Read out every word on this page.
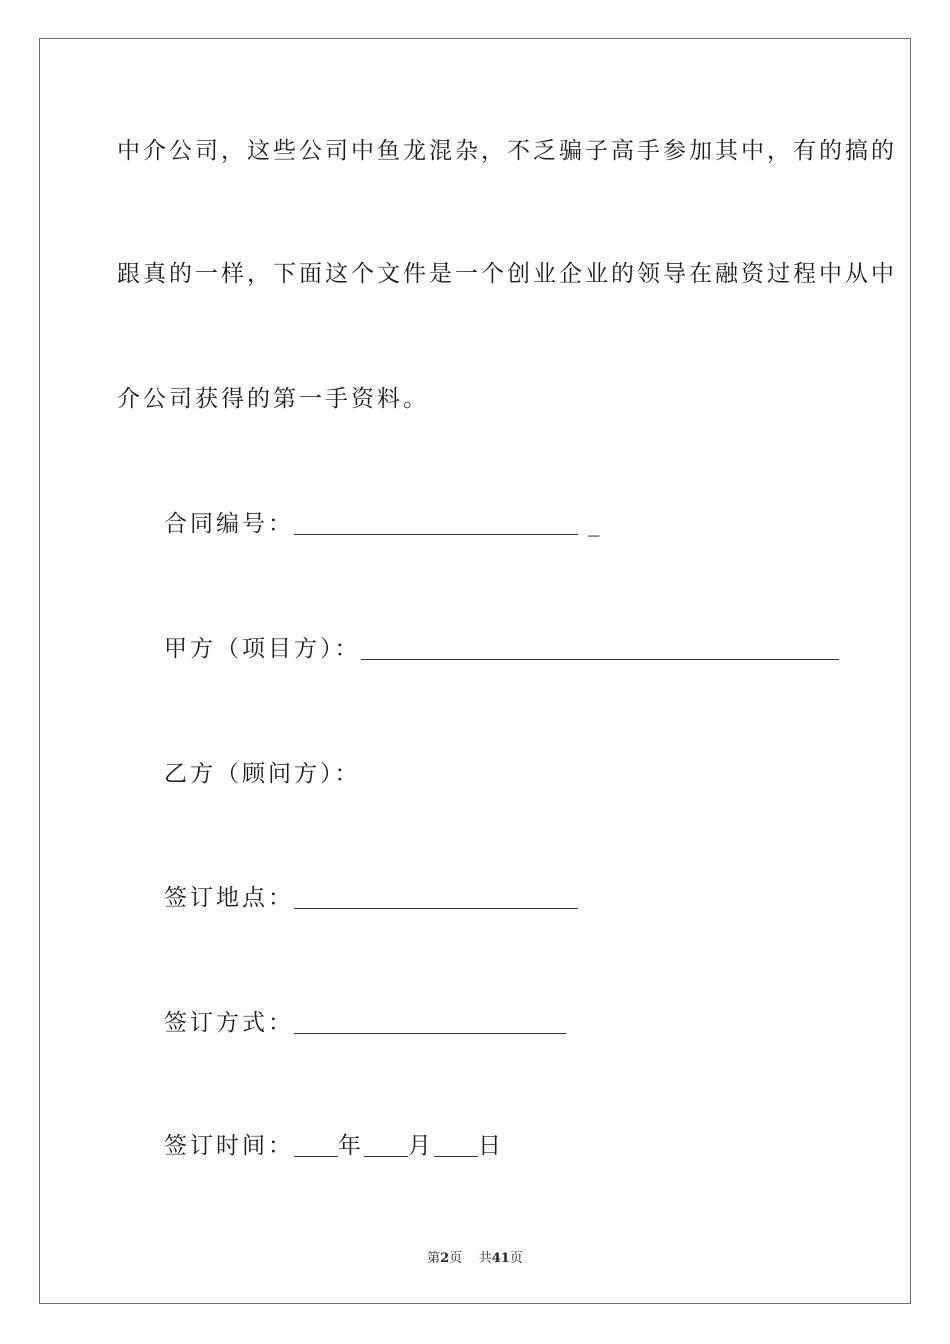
中介公司，这些公司中鱼龙混杂，不乏骗子高手参加其中，有的搞的
跟真的一样，下面这个文件是一个创业企业的领导在融资过程中从中
介公司获得的第一手资料。
合同编号：	_
甲方（项目方）：
乙方（顾问方）：
签订地点：
签订方式：
签订时间： 年 月 日
第2页 共41页
